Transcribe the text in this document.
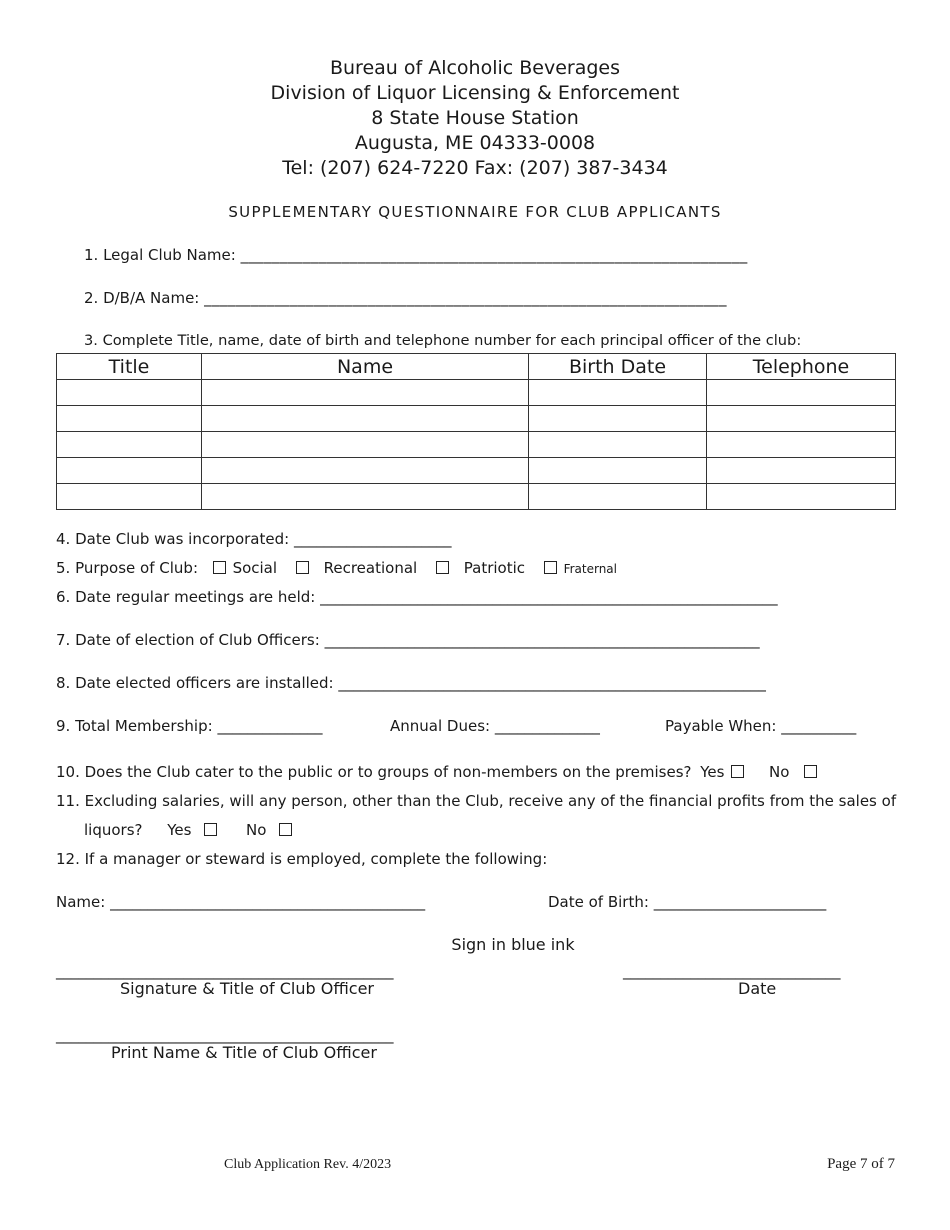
Bureau of Alcoholic Beverages
Division of Liquor Licensing & Enforcement
8 State House Station
Augusta, ME 04333-0008
Tel: (207) 624-7220 Fax: (207) 387-3434
SUPPLEMENTARY QUESTIONNAIRE FOR CLUB APPLICANTS
1. Legal Club Name: _________________________________________________________________
2. D/B/A Name: ___________________________________________________________________
3. Complete Title, name, date of birth and telephone number for each principal officer of the club:
Title	Name	Birth Date	Telephone

4. Date Club was incorporated: _____________________
5. Purpose of Club: Social	Recreational	Patriotic	Fraternal
6. Date regular meetings are held: _____________________________________________________________
7. Date of election of Club Officers: __________________________________________________________
8. Date elected officers are installed: _________________________________________________________
9. Total Membership: ______________	Annual Dues: ______________	Payable When: __________
10. Does the Club cater to the public or to groups of non-members on the premises? Yes	No
11. Excluding salaries, will any person, other than the Club, receive any of the financial profits from the sales of
liquors? Yes	No
12. If a manager or steward is employed, complete the following:
Name: __________________________________________	Date of Birth: _______________________
Sign in blue ink
_____________________________________________
Signature & Title of Club Officer
_____________________________
Date
_____________________________________________
Print Name & Title of Club Officer
Club Application Rev. 4/2023	Page 7 of 7
